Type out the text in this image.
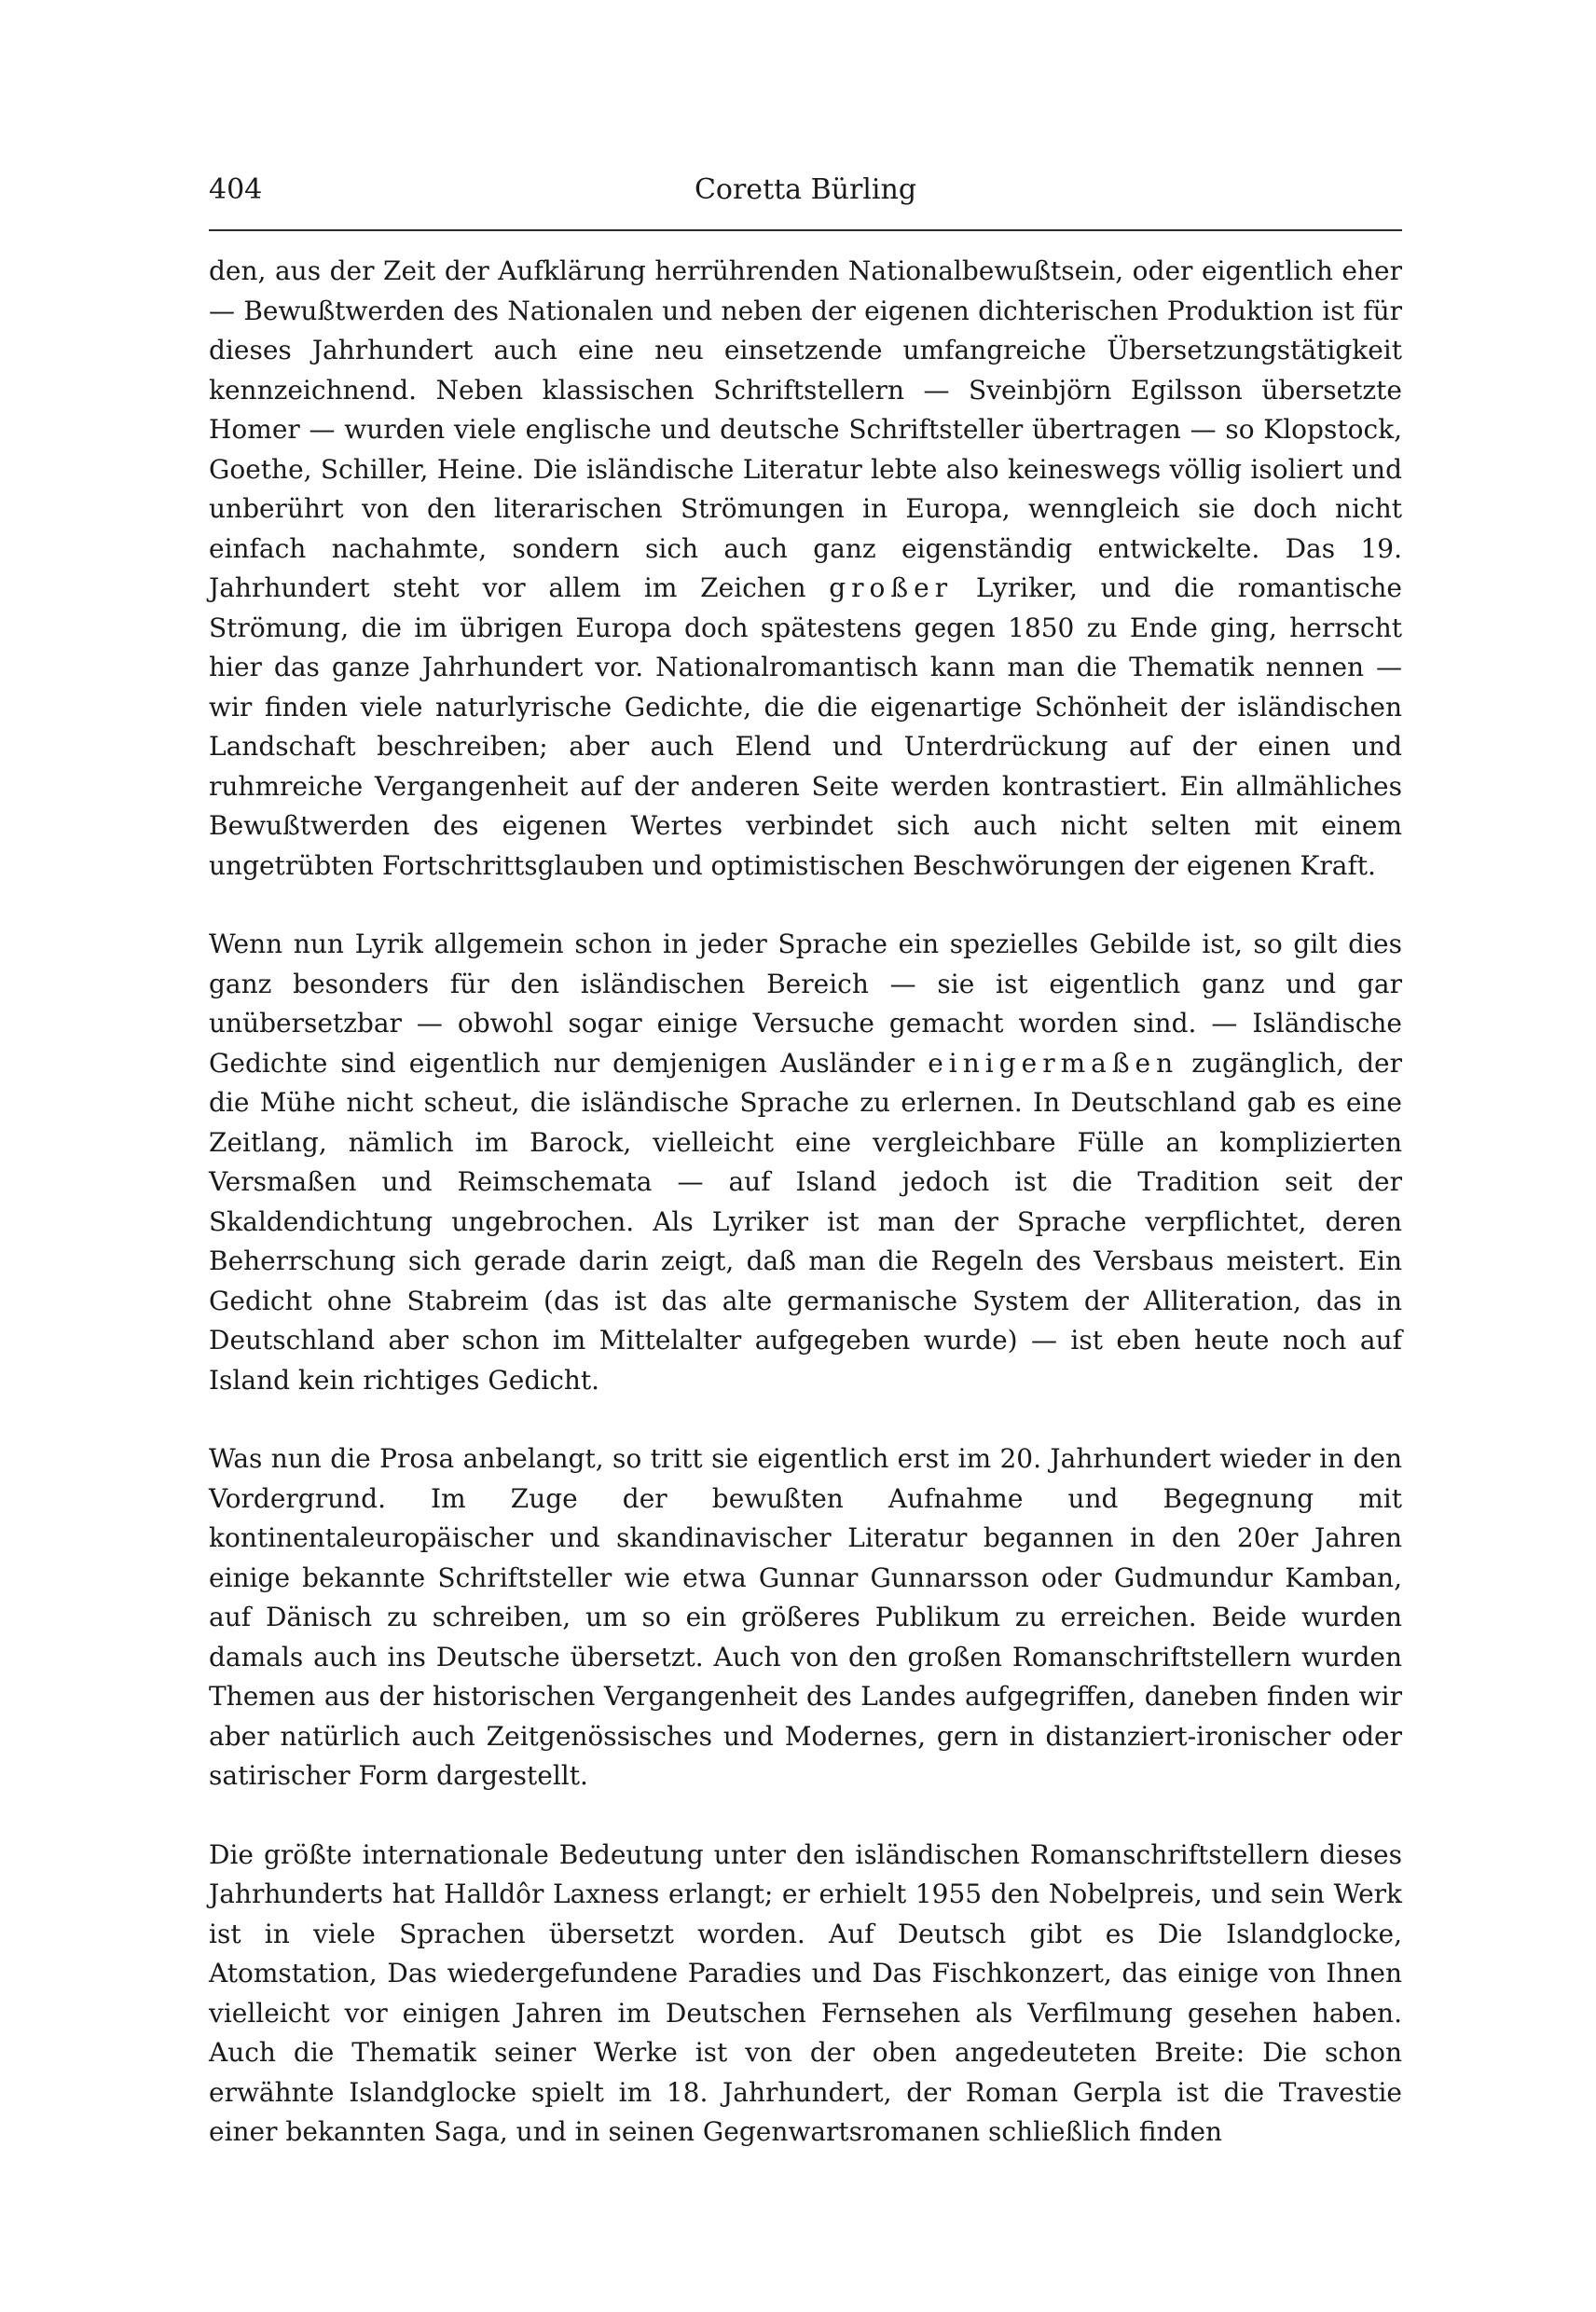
404	Coretta Bürling

den, aus der Zeit der Aufklärung herrührenden Nationalbewußtsein, oder eigentlich eher — Bewußtwerden des Nationalen und neben der eigenen dichterischen Produktion ist für dieses Jahrhundert auch eine neu einsetzende umfangreiche Übersetzungstätigkeit kennzeichnend. Neben klassischen Schriftstellern — Sveinbjörn Egilsson übersetzte Homer — wurden viele englische und deutsche Schriftsteller übertragen — so Klopstock, Goethe, Schiller, Heine. Die isländische Literatur lebte also keineswegs völlig isoliert und unberührt von den literarischen Strömungen in Europa, wenngleich sie doch nicht einfach nachahmte, sondern sich auch ganz eigenständig entwickelte. Das 19. Jahrhundert steht vor allem im Zeichen großer Lyriker, und die romantische Strömung, die im übrigen Europa doch spätestens gegen 1850 zu Ende ging, herrscht hier das ganze Jahrhundert vor. Nationalromantisch kann man die Thematik nennen — wir finden viele naturlyrische Gedichte, die die eigenartige Schönheit der isländischen Landschaft beschreiben; aber auch Elend und Unterdrückung auf der einen und ruhmreiche Vergangenheit auf der anderen Seite werden kontrastiert. Ein allmähliches Bewußtwerden des eigenen Wertes verbindet sich auch nicht selten mit einem ungetrübten Fortschrittsglauben und optimistischen Beschwörungen der eigenen Kraft.

Wenn nun Lyrik allgemein schon in jeder Sprache ein spezielles Gebilde ist, so gilt dies ganz besonders für den isländischen Bereich — sie ist eigentlich ganz und gar unübersetzbar — obwohl sogar einige Versuche gemacht worden sind. — Isländische Gedichte sind eigentlich nur demjenigen Ausländer einigermaßen zugänglich, der die Mühe nicht scheut, die isländische Sprache zu erlernen. In Deutschland gab es eine Zeitlang, nämlich im Barock, vielleicht eine vergleichbare Fülle an komplizierten Versmaßen und Reimschemata — auf Island jedoch ist die Tradition seit der Skaldendichtung ungebrochen. Als Lyriker ist man der Sprache verpflichtet, deren Beherrschung sich gerade darin zeigt, daß man die Regeln des Versbaus meistert. Ein Gedicht ohne Stabreim (das ist das alte germanische System der Alliteration, das in Deutschland aber schon im Mittelalter aufgegeben wurde) — ist eben heute noch auf Island kein richtiges Gedicht.

Was nun die Prosa anbelangt, so tritt sie eigentlich erst im 20. Jahrhundert wieder in den Vordergrund. Im Zuge der bewußten Aufnahme und Begegnung mit kontinentaleuropäischer und skandinavischer Literatur begannen in den 20er Jahren einige bekannte Schriftsteller wie etwa Gunnar Gunnarsson oder Gudmundur Kamban, auf Dänisch zu schreiben, um so ein größeres Publikum zu erreichen. Beide wurden damals auch ins Deutsche übersetzt. Auch von den großen Romanschriftstellern wurden Themen aus der historischen Vergangenheit des Landes aufgegriffen, daneben finden wir aber natürlich auch Zeitgenössisches und Modernes, gern in distanziert-ironischer oder satirischer Form dargestellt.

Die größte internationale Bedeutung unter den isländischen Romanschriftstellern dieses Jahrhunderts hat Halldôr Laxness erlangt; er erhielt 1955 den Nobelpreis, und sein Werk ist in viele Sprachen übersetzt worden. Auf Deutsch gibt es Die Islandglocke, Atomstation, Das wiedergefundene Paradies und Das Fischkonzert, das einige von Ihnen vielleicht vor einigen Jahren im Deutschen Fernsehen als Verfilmung gesehen haben. Auch die Thematik seiner Werke ist von der oben angedeuteten Breite: Die schon erwähnte Islandglocke spielt im 18. Jahrhundert, der Roman Gerpla ist die Travestie einer bekannten Saga, und in seinen Gegenwartsromanen schließlich finden
